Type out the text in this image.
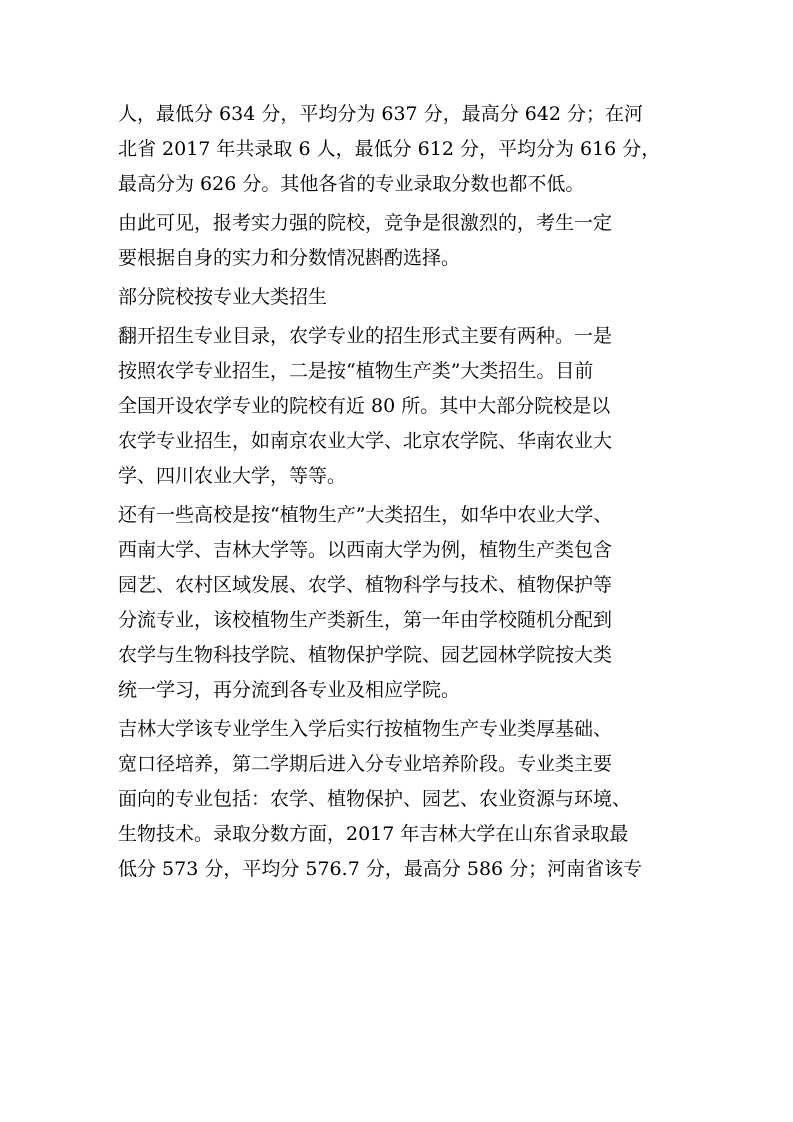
人，最低分 634 分，平均分为 637 分，最高分 642 分；在河
北省 2017 年共录取 6 人，最低分 612 分，平均分为 616 分，
最高分为 626 分。其他各省的专业录取分数也都不低。
由此可见，报考实力强的院校，竞争是很激烈的，考生一定
要根据自身的实力和分数情况斟酌选择。
部分院校按专业大类招生
翻开招生专业目录，农学专业的招生形式主要有两种。一是
按照农学专业招生，二是按“植物生产类”大类招生。目前
全国开设农学专业的院校有近 80 所。其中大部分院校是以
农学专业招生，如南京农业大学、北京农学院、华南农业大
学、四川农业大学，等等。
还有一些高校是按“植物生产”大类招生，如华中农业大学、
西南大学、吉林大学等。以西南大学为例，植物生产类包含
园艺、农村区域发展、农学、植物科学与技术、植物保护等
分流专业，该校植物生产类新生，第一年由学校随机分配到
农学与生物科技学院、植物保护学院、园艺园林学院按大类
统一学习，再分流到各专业及相应学院。
吉林大学该专业学生入学后实行按植物生产专业类厚基础、
宽口径培养，第二学期后进入分专业培养阶段。专业类主要
面向的专业包括：农学、植物保护、园艺、农业资源与环境、
生物技术。录取分数方面，2017 年吉林大学在山东省录取最
低分 573 分，平均分 576.7 分，最高分 586 分；河南省该专
